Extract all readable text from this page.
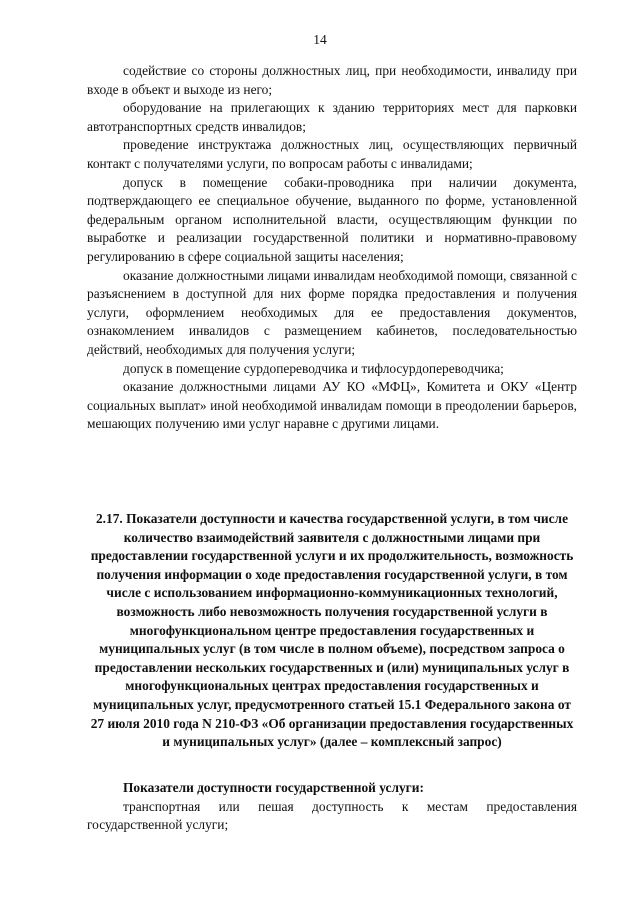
14

содействие со стороны должностных лиц, при необходимости, инвалиду при входе в объект и выходе из него;

оборудование на прилегающих к зданию территориях мест для парковки автотранспортных средств инвалидов;

проведение инструктажа должностных лиц, осуществляющих первичный контакт с получателями услуги, по вопросам работы с инвалидами;

допуск в помещение собаки-проводника при наличии документа, подтверждающего ее специальное обучение, выданного по форме, установленной федеральным органом исполнительной власти, осуществляющим функции по выработке и реализации государственной политики и нормативно-правовому регулированию в сфере социальной защиты населения;

оказание должностными лицами инвалидам необходимой помощи, связанной с разъяснением в доступной для них форме порядка предоставления и получения услуги, оформлением необходимых для ее предоставления документов, ознакомлением инвалидов с размещением кабинетов, последовательностью действий, необходимых для получения услуги;

допуск в помещение сурдопереводчика и тифлосурдопереводчика;

оказание должностными лицами АУ КО «МФЦ», Комитета и ОКУ «Центр социальных выплат» иной необходимой инвалидам помощи в преодолении барьеров, мешающих получению ими услуг наравне с другими лицами.

2.17. Показатели доступности и качества государственной услуги, в том числе количество взаимодействий заявителя с должностными лицами при предоставлении государственной услуги и их продолжительность, возможность получения информации о ходе предоставления государственной услуги, в том числе с использованием информационно-коммуникационных технологий, возможность либо невозможность получения государственной услуги в многофункциональном центре предоставления государственных и муниципальных услуг (в том числе в полном объеме), посредством запроса о предоставлении нескольких государственных и (или) муниципальных услуг в многофункциональных центрах предоставления государственных и муниципальных услуг, предусмотренного статьей 15.1 Федерального закона от 27 июля 2010 года N 210-ФЗ «Об организации предоставления государственных и муниципальных услуг» (далее – комплексный запрос)

Показатели доступности государственной услуги:

транспортная или пешая доступность к местам предоставления государственной услуги;
